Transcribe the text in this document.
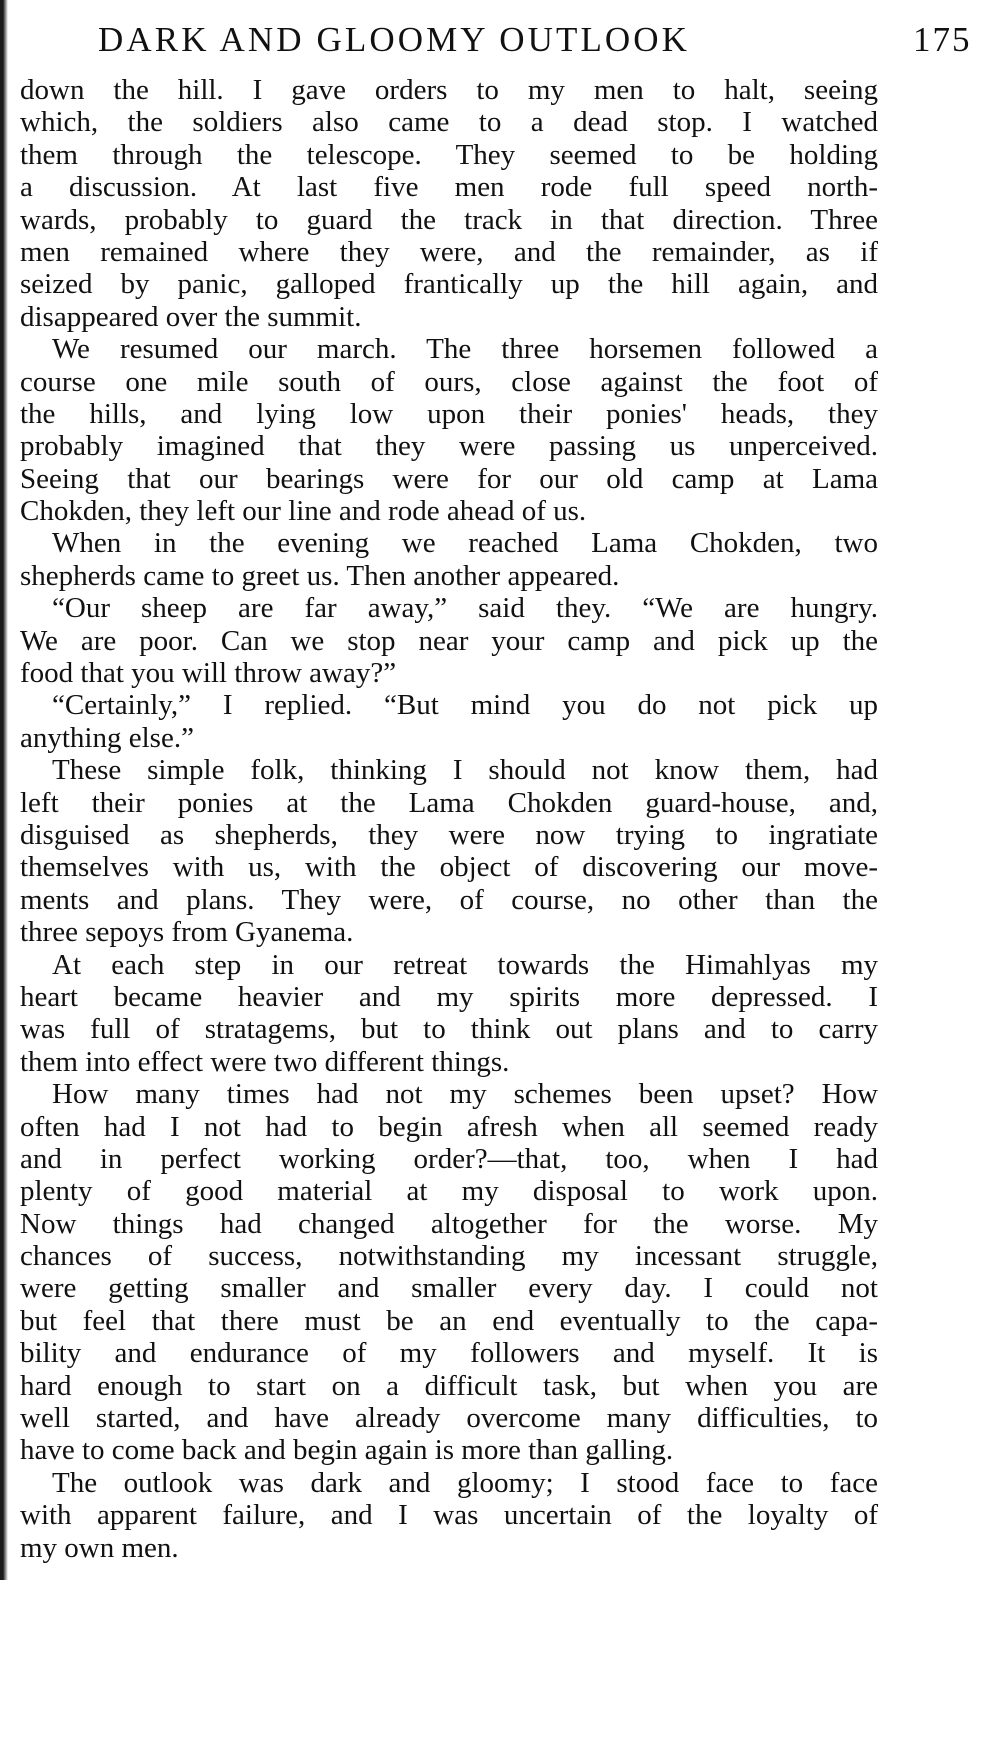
DARK AND GLOOMY OUTLOOK	175
down the hill. I gave orders to my men to halt, seeing
which, the soldiers also came to a dead stop. I watched
them through the telescope. They seemed to be holding
a discussion. At last five men rode full speed north-
wards, probably to guard the track in that direction. Three
men remained where they were, and the remainder, as if
seized by panic, galloped frantically up the hill again, and
disappeared over the summit.
We resumed our march. The three horsemen followed a
course one mile south of ours, close against the foot of
the hills, and lying low upon their ponies' heads, they
probably imagined that they were passing us unperceived.
Seeing that our bearings were for our old camp at Lama
Chokden, they left our line and rode ahead of us.
When in the evening we reached Lama Chokden, two
shepherds came to greet us. Then another appeared.
“Our sheep are far away,” said they. “We are hungry.
We are poor. Can we stop near your camp and pick up the
food that you will throw away?”
“Certainly,” I replied. “But mind you do not pick up
anything else.”
These simple folk, thinking I should not know them, had
left their ponies at the Lama Chokden guard-house, and,
disguised as shepherds, they were now trying to ingratiate
themselves with us, with the object of discovering our move-
ments and plans. They were, of course, no other than the
three sepoys from Gyanema.
At each step in our retreat towards the Himahlyas my
heart became heavier and my spirits more depressed. I
was full of stratagems, but to think out plans and to carry
them into effect were two different things.
How many times had not my schemes been upset? How
often had I not had to begin afresh when all seemed ready
and in perfect working order?—that, too, when I had
plenty of good material at my disposal to work upon.
Now things had changed altogether for the worse. My
chances of success, notwithstanding my incessant struggle,
were getting smaller and smaller every day. I could not
but feel that there must be an end eventually to the capa-
bility and endurance of my followers and myself. It is
hard enough to start on a difficult task, but when you are
well started, and have already overcome many difficulties, to
have to come back and begin again is more than galling.
The outlook was dark and gloomy; I stood face to face
with apparent failure, and I was uncertain of the loyalty of
my own men.
